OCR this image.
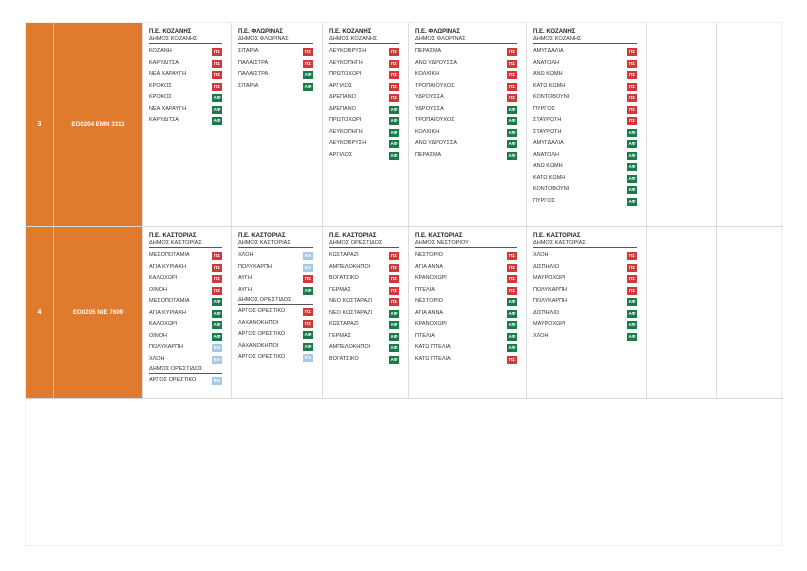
3	ΕΟ0204 ΕΜΝ 3311
Π.Ε. ΚΟΖΑΝΗΣ
ΔΗΜΟΣ ΚΟΖΑΝΗΣ
ΚΟΖΑΝΗ	ΠΣ
ΚΑΡΥΔΙΤΣΑ	ΠΣ
ΝΕΑ ΧΑΡΑΥΓΗ	ΠΣ
ΚΡΟΚΟΣ	ΠΣ
ΚΡΟΚΟΣ	ΑΦ
ΝΕΑ ΧΑΡΑΥΓΗ	ΑΦ
ΚΑΡΥΔΙΤΣΑ	ΑΦ
Π.Ε. ΦΛΩΡΙΝΑΣ
ΔΗΜΟΣ ΦΛΩΡΙΝΑΣ
ΣΙΤΑΡΙΑ	ΠΣ
ΠΑΛΑΙΣΤΡΑ	ΠΣ
ΠΑΛΑΙΣΤΡΑ	ΑΦ
ΣΙΤΑΡΙΑ	ΑΦ
Π.Ε. ΚΟΖΑΝΗΣ
ΔΗΜΟΣ ΚΟΖΑΝΗΣ
ΛΕΥΚΟΒΡΥΣΗ	ΠΣ
ΛΕΥΚΟΠΗΓΗ	ΠΣ
ΠΡΩΤΟΧΩΡΙ	ΠΣ
ΑΡΓΙΛΟΣ	ΠΣ
ΔΡΕΠΑΝΟ	ΠΣ
ΔΡΕΠΑΝΟ	ΑΦ
ΠΡΩΤΟΧΩΡΙ	ΑΦ
ΛΕΥΚΟΠΗΓΗ	ΑΦ
ΛΕΥΚΟΒΡΥΣΗ	ΑΦ
ΑΡΓΙΛΟΣ	ΑΦ
Π.Ε. ΦΛΩΡΙΝΑΣ
ΔΗΜΟΣ ΦΛΩΡΙΝΑΣ
ΠΕΡΑΣΜΑ	ΠΣ
ΑΝΩ ΥΔΡΟΥΣΣΑ	ΠΣ
ΚΟΛΧΙΚΗ	ΠΣ
ΤΡΟΠΑΙΟΥΧΟΣ	ΠΣ
ΥΔΡΟΥΣΣΑ	ΠΣ
ΥΔΡΟΥΣΣΑ	ΑΦ
ΤΡΟΠΑΙΟΥΧΟΣ	ΑΦ
ΚΟΛΧΙΚΗ	ΑΦ
ΑΝΩ ΥΔΡΟΥΣΣΑ	ΑΦ
ΠΕΡΑΣΜΑ	ΑΦ
Π.Ε. ΚΟΖΑΝΗΣ
ΔΗΜΟΣ ΚΟΖΑΝΗΣ
ΑΜΥΓΔΑΛΙΑ	ΠΣ
ΑΝΑΤΟΛΗ	ΠΣ
ΑΝΩ ΚΩΜΗ	ΠΣ
ΚΑΤΩ ΚΩΜΗ	ΠΣ
ΚΟΝΤΟΒΟΥΝΙ	ΠΣ
ΠΥΡΓΟΣ	ΠΣ
ΣΤΑΥΡΩΤΗ	ΠΣ
ΣΤΑΥΡΩΤΗ	ΑΦ
ΑΜΥΓΔΑΛΙΑ	ΑΦ
ΑΝΑΤΟΛΗ	ΑΦ
ΑΝΩ ΚΩΜΗ	ΑΦ
ΚΑΤΩ ΚΩΜΗ	ΑΦ
ΚΟΝΤΟΒΟΥΝΙ	ΑΦ
ΠΥΡΓΟΣ	ΑΦ
4	ΕΟ0205 ΝΙΕ 7609
Π.Ε. ΚΑΣΤΟΡΙΑΣ
ΔΗΜΟΣ ΚΑΣΤΟΡΙΑΣ
ΜΕΣΟΠΟΤΑΜΙΑ	ΠΣ
ΑΓΙΑ ΚΥΡΙΑΚΗ	ΠΣ
ΚΑΛΟΧΩΡΙ	ΠΣ
ΟΙΝΟΗ	ΠΣ
ΜΕΣΟΠΟΤΑΜΙΑ	ΑΦ
ΑΓΙΑ ΚΥΡΙΑΚΗ	ΑΦ
ΚΑΛΟΧΩΡΙ	ΑΦ
ΟΙΝΟΗ	ΑΦ
ΠΟΛΥΚΑΡΠΗ	ΕΑ
ΧΛΟΗ	ΕΑ
ΔΗΜΟΣ ΟΡΕΣΤΙΔΟΣ
ΑΡΓΟΣ ΟΡΕΣΤΙΚΟ	ΕΑ
Π.Ε. ΚΑΣΤΟΡΙΑΣ
ΔΗΜΟΣ ΚΑΣΤΟΡΙΑΣ
ΧΛΟΗ	ΕΑ
ΠΟΛΥΚΑΡΠΗ	ΕΑ
ΑΥΓΗ	ΠΣ
ΑΥΓΗ	ΑΦ
ΔΗΜΟΣ ΟΡΕΣΤΙΔΟΣ
ΑΡΓΟΣ ΟΡΕΣΤΙΚΟ	ΠΣ
ΛΑΧΑΝΟΚΗΠΟΙ	ΠΣ
ΑΡΓΟΣ ΟΡΕΣΤΙΚΟ	ΑΦ
ΛΑΧΑΝΟΚΗΠΟΙ	ΑΦ
ΑΡΓΟΣ ΟΡΕΣΤΙΚΟ	ΕΑ
Π.Ε. ΚΑΣΤΟΡΙΑΣ
ΔΗΜΟΣ ΟΡΕΣΤΙΔΟΣ
ΚΩΣΤΑΡΑΖΙ	ΠΣ
ΑΜΠΕΛΟΚΗΠΟΙ	ΠΣ
ΒΟΓΑΤΣΙΚΟ	ΠΣ
ΓΕΡΜΑΣ	ΠΣ
ΝΕΟ ΚΩΣΤΑΡΑΖΙ	ΠΣ
ΝΕΟ ΚΩΣΤΑΡΑΖΙ	ΑΦ
ΚΩΣΤΑΡΑΖΙ	ΑΦ
ΓΕΡΜΑΣ	ΑΦ
ΑΜΠΕΛΟΚΗΠΟΙ	ΑΦ
ΒΟΓΑΤΣΙΚΟ	ΑΦ
Π.Ε. ΚΑΣΤΟΡΙΑΣ
ΔΗΜΟΣ ΝΕΣΤΟΡΙΟΥ
ΝΕΣΤΟΡΙΟ	ΠΣ
ΑΓΙΑ ΑΝΝΑ	ΠΣ
ΚΡΑΝΟΧΩΡΙ	ΠΣ
ΠΤΕΛΙΑ	ΠΣ
ΝΕΣΤΟΡΙΟ	ΑΦ
ΑΓΙΑ ΑΝΝΑ	ΑΦ
ΚΡΑΝΟΧΩΡΙ	ΑΦ
ΠΤΕΛΙΑ	ΑΦ
ΚΑΤΩ ΠΤΕΛΙΑ	ΑΦ
ΚΑΤΩ ΠΤΕΛΙΑ	ΠΣ
Π.Ε. ΚΑΣΤΟΡΙΑΣ
ΔΗΜΟΣ ΚΑΣΤΟΡΙΑΣ
ΧΛΟΗ	ΠΣ
ΔΙΣΠΗΛΙΟ	ΠΣ
ΜΑΥΡΟΧΩΡΙ	ΠΣ
ΠΟΛΥΚΑΡΠΗ	ΠΣ
ΠΟΛΥΚΑΡΠΗ	ΑΦ
ΔΙΣΠΗΛΙΟ	ΑΦ
ΜΑΥΡΟΧΩΡΙ	ΑΦ
ΧΛΟΗ	ΑΦ
